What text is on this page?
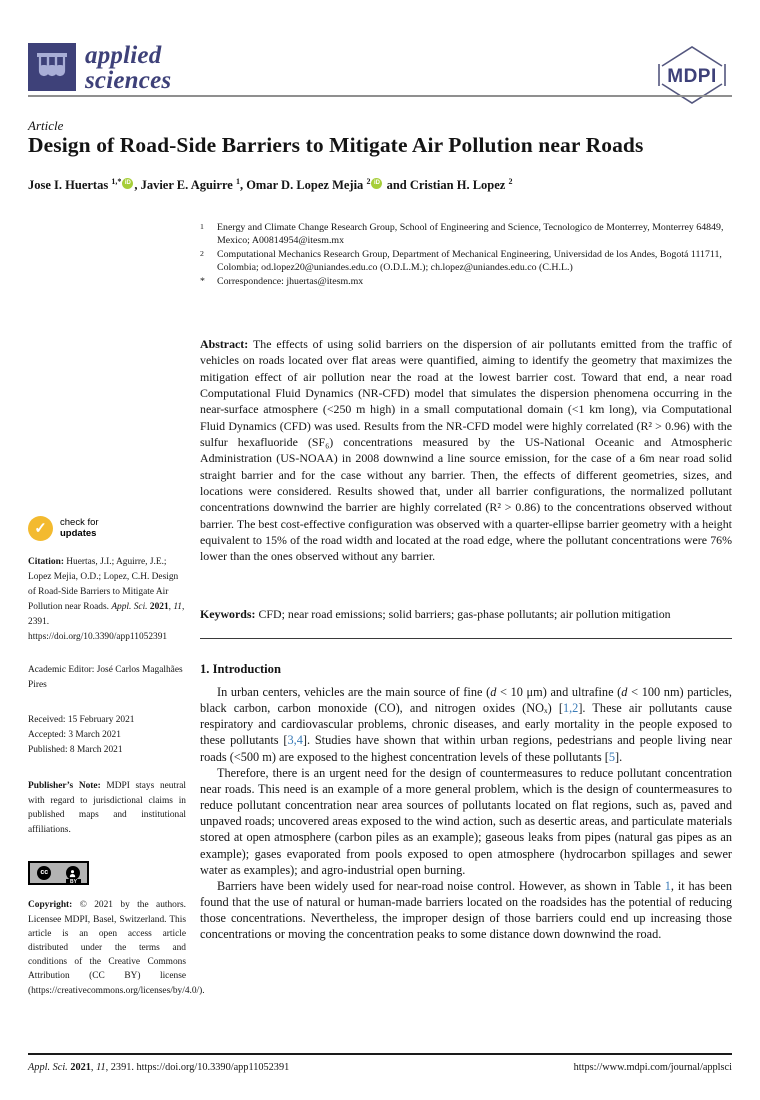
applied
sciences	MDPI
Article
Design of Road-Side Barriers to Mitigate Air Pollution near Roads
Jose I. Huertas $^{1,*}$ iD , Javier E. Aguirre $^1$, Omar D. Lopez Mejia $^2$ iD and Cristian H. Lopez $^2$
1	Energy and Climate Change Research Group, School of Engineering and Science, Tecnologico de Monterrey, Monterrey 64849, Mexico; A00814954@itesm.mx
2	Computational Mechanics Research Group, Department of Mechanical Engineering, Universidad de los Andes, Bogotá 111711, Colombia; od.lopez20@uniandes.edu.co (O.D.L.M.); ch.lopez@uniandes.edu.co (C.H.L.)
*	Correspondence: jhuertas@itesm.mx
Abstract: The effects of using solid barriers on the dispersion of air pollutants emitted from the traffic of vehicles on roads located over flat areas were quantified, aiming to identify the geometry that maximizes the mitigation effect of air pollution near the road at the lowest barrier cost. Toward that end, a near road Computational Fluid Dynamics (NR-CFD) model that simulates the dispersion phenomena occurring in the near-surface atmosphere (<250 m high) in a small computational domain (<1 km long), via Computational Fluid Dynamics (CFD) was used. Results from the NR-CFD model were highly correlated (R² > 0.96) with the sulfur hexafluoride (SF₆) concentrations measured by the US-National Oceanic and Atmospheric Administration (US-NOAA) in 2008 downwind a line source emission, for the case of a 6m near road solid straight barrier and for the case without any barrier. Then, the effects of different geometries, sizes, and locations were considered. Results showed that, under all barrier configurations, the normalized pollutant concentrations downwind the barrier are highly correlated (R² > 0.86) to the concentrations observed without barrier. The best cost-effective configuration was observed with a quarter-ellipse barrier geometry with a height equivalent to 15% of the road width and located at the road edge, where the pollutant concentrations were 76% lower than the ones observed without any barrier.
Keywords: CFD; near road emissions; solid barriers; gas-phase pollutants; air pollution mitigation
1. Introduction

In urban centers, vehicles are the main source of fine (d < 10 μm) and ultrafine (d < 100 nm) particles, black carbon, carbon monoxide (CO), and nitrogen oxides (NOₓ) [1,2]. These air pollutants cause respiratory and cardiovascular problems, chronic diseases, and early mortality in the people exposed to these pollutants [3,4]. Studies have shown that within urban regions, pedestrians and people living near roads (<500 m) are exposed to the highest concentration levels of these pollutants [5].

Therefore, there is an urgent need for the design of countermeasures to reduce pollutant concentration near roads. This need is an example of a more general problem, which is the design of countermeasures to reduce pollutant concentration near area sources of pollutants located on flat regions, such as, paved and unpaved roads; uncovered areas exposed to the wind action, such as desertic areas, and particulate materials stored at open atmosphere (carbon piles as an example); gaseous leaks from pipes (natural gas pipes as an example); gases evaporated from pools exposed to open atmosphere (hydrocarbon spillages and sewer water as examples); and agro-industrial open burning.

Barriers have been widely used for near-road noise control. However, as shown in Table 1, it has been found that the use of natural or human-made barriers located on the roadsides has the potential of reducing those concentrations. Nevertheless, the improper design of those barriers could end up increasing those concentrations or moving the concentration peaks to some distance down downwind the road.

✓ check for
updates
Citation: Huertas, J.I.; Aguirre, J.E.; Lopez Mejia, O.D.; Lopez, C.H. Design of Road-Side Barriers to Mitigate Air Pollution near Roads. Appl. Sci. 2021, 11, 2391. https://doi.org/10.3390/app11052391
Academic Editor: José Carlos Magalhães Pires
Received: 15 February 2021
Accepted: 3 March 2021
Published: 8 March 2021
Publisher’s Note: MDPI stays neutral with regard to jurisdictional claims in published maps and institutional affiliations.
cc
BY
Copyright: © 2021 by the authors. Licensee MDPI, Basel, Switzerland. This article is an open access article distributed under the terms and conditions of the Creative Commons Attribution (CC BY) license (https://creativecommons.org/licenses/by/4.0/).
Appl. Sci. 2021, 11, 2391. https://doi.org/10.3390/app11052391	https://www.mdpi.com/journal/applsci
